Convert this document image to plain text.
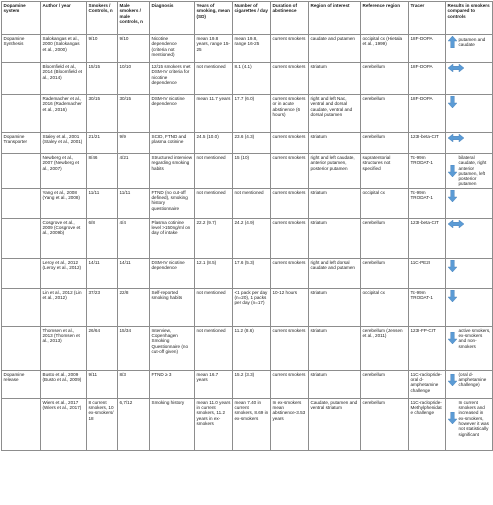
Dopamine system	Author / year	Smokers / Controls, n	Male smokers / male controls, n	Diagnosis	Years of smoking, mean (SD)	Number of cigarettes / day	Duration of abstinence	Region of interest	Reference region	Tracer	Results in smokers compared to controls
Dopamine Synthesis	Salokangas et al., 2000 (Salokangas et al., 2000)	9/10	9/10	Nicotine dependence (criteria not mentioned)	mean 19.8 years, range 15-25	mean 19.8, range 16-25	current smokers	caudate and putamen	occipital cx (Hietala et al., 1999)	18F-DOPA	putamen and caudate

	Bloomfield et al., 2014 (Bloomfield et al., 2014)	15/15	10/10	12/15 smokers met DSM-IV criteria for nicotine dependence	not mentioned	8.1 (4.1)	current smokers	striatum	cerebellum	18F-DOPA	

	Rademacher et al., 2016 (Rademacher et al., 2016)	30/15	30/15	DSM-IV nicotine dependence	mean 11.7 years	17.7 (6.0)	current smokers or in acute abstinence (6 hours)	right and left Nac, ventral and dorsal caudate, ventral and dorsal putamen	cerebellum	18F-DOPA	

Dopamine Transporter	Staley et al., 2001 (Staley et al., 2001)	21/21	9/9	SCID, FTND and plasma cotinine	24.5 (10.0)	23.6 (4.3)	current smokers	striatum	cerebellum	123I-beta-CIT	

	Newberg et al., 2007 (Newberg et al., 2007)	8/46	4/21	Structured interview regarding smoking habits	not mentioned	15 (10)	current smokers	right and left caudate, anterior putamen, posterior putamen	supratentorial structures not specified	Tc-99m TRODAT-1	bilateral caudate, right anterior putamen, left posterior putamen

	Yang et al., 2008 (Yang et al., 2008)	11/11	11/11	FTND (no cut-off defined), smoking history questionnaire	not mentioned	not mentioned	current smokers	striatum	occipital cx	Tc-99m TRODAT-1	

	Cosgrove et al., 2009 (Cosgrove et al., 2009b)	6/8	4/4	Plasma cotinine level >150ng/ml on day of intake	22.2 (9.7)	24.2 (4.9)	current smokers	striatum	cerebellum	123I-beta-CIT	

	Leroy et al., 2012 (Leroy et al., 2012)	14/11	14/11	DSM-IV nicotine dependence	12.1 (8.5)	17.6 (5.3)	current smokers	right and left dorsal caudate and putamen	cerebellum	11C-PE2I	

	Lin et al., 2012 (Lin et al., 2012)	37/23	22/8	Self-reported smoking habits	not mentioned	<1 pack per day (n=20), 1 packs per day (n=17)	10-12 hours	striatum	occipital cx	Tc-99m TRODAT-1	

	Thomsen et al., 2013 (Thomsen et al., 2013)	26/64	15/34	Interview, Copenhagen Smoking Questionnaire (no cut-off given)	not mentioned	11.2 (8.6)	current smokers	striatum	cerebellum (Jensen et al., 2011)	123I-FP-CIT	active smokers, ex-smokers and non-smokers

Dopamine release	Busto et al., 2009 (Busto et al., 2009)	9/11	8/3	FTND ≥ 3	mean 16.7 years	15.2 (3.3)	current smokers	striatum	cerebellum	11C-raclopride-oral d-amphetamine challenge	(oral d-amphetamine challenge)

	Wiers et al., 2017 (Wiers et al., 2017)	8 current smokers, 10 ex-smokers/ 18	6,7/12	Smoking history	mean 11.0 years in current smokers, 11.2 years in ex-smokers	mean 7.40 in current smokers, 8.69 in ex-smokers	In ex-smokers mean abstinence-3.53 years	Caudate, putamen and ventral striatum	cerebellum	11C-raclopride-Methylphenidate challenge	In current smokers and increased in ex-smokers, however it was not statistically significant
